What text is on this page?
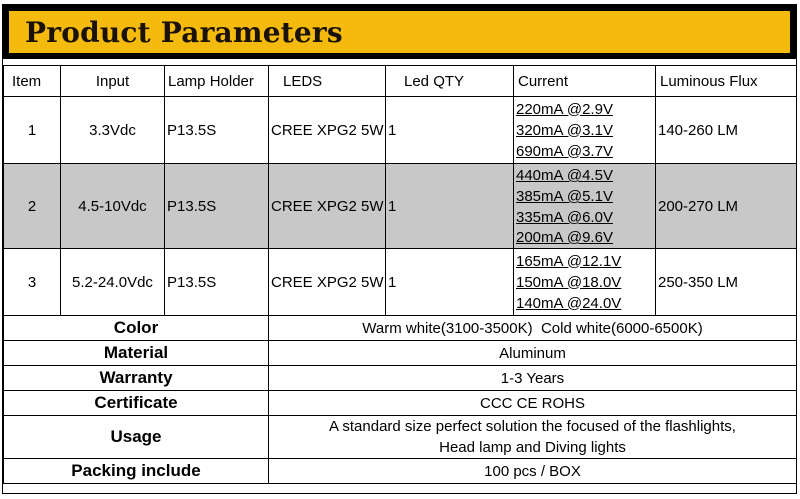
Product Parameters
Item	Input	Lamp Holder	LEDS	Led QTY	Current	Luminous Flux
1	3.3Vdc	P13.5S	CREE XPG2 5W	1	220mA @2.9V
320mA @3.1V
690mA @3.7V	140-260 LM
2	4.5-10Vdc	P13.5S	CREE XPG2 5W	1	440mA @4.5V
385mA @5.1V
335mA @6.0V
200mA @9.6V	200-270 LM
3	5.2-24.0Vdc	P13.5S	CREE XPG2 5W	1	165mA @12.1V
150mA @18.0V
140mA @24.0V	250-350 LM
Color			Warm white(3100-3500K)  Cold white(6000-6500K)			
Material			Aluminum			
Warranty			1-3 Years			
Certificate			CCC CE ROHS			
Usage			A standard size perfect solution the focused of the flashlights,
Head lamp and Diving lights			

Packing include			100 pcs / BOX			
